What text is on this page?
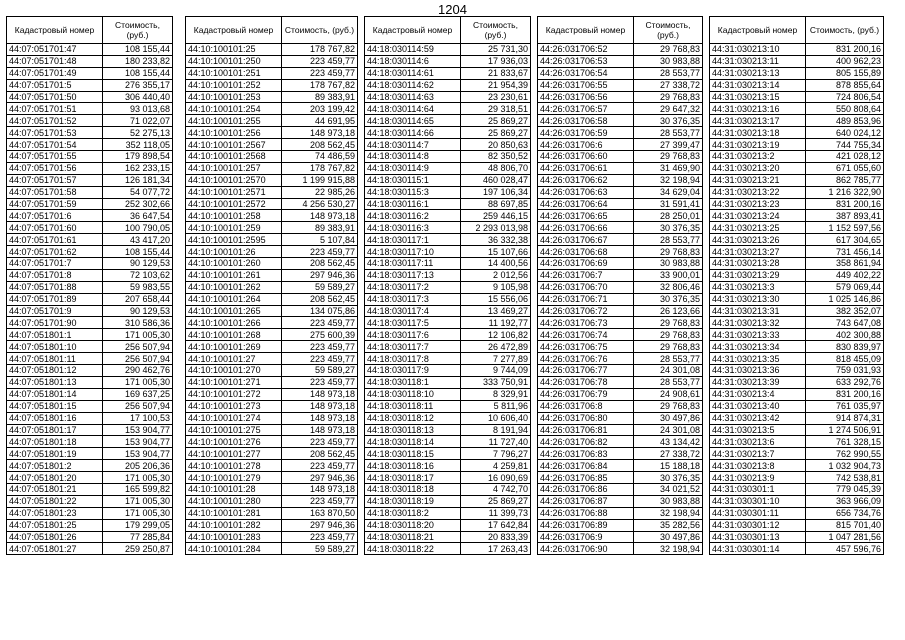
1204
Кадастровый номер	Стоимость, (руб.)
44:07:051701:47	108 155,44
44:07:051701:48	180 233,82
44:07:051701:49	108 155,44
44:07:051701:5	276 355,17
44:07:051701:50	306 440,40
44:07:051701:51	93 013,68
44:07:051701:52	71 022,07
44:07:051701:53	52 275,13
44:07:051701:54	352 118,05
44:07:051701:55	179 898,54
44:07:051701:56	162 233,15
44:07:051701:57	126 181,34
44:07:051701:58	54 077,72
44:07:051701:59	252 302,66
44:07:051701:6	36 647,54
44:07:051701:60	100 790,05
44:07:051701:61	43 417,20
44:07:051701:62	108 155,44
44:07:051701:7	90 129,53
44:07:051701:8	72 103,62
44:07:051701:88	59 983,55
44:07:051701:89	207 658,44
44:07:051701:9	90 129,53
44:07:051701:90	310 586,36
44:07:051801:1	171 005,30
44:07:051801:10	256 507,94
44:07:051801:11	256 507,94
44:07:051801:12	290 462,76
44:07:051801:13	171 005,30
44:07:051801:14	169 637,25
44:07:051801:15	256 507,94
44:07:051801:16	17 100,53
44:07:051801:17	153 904,77
44:07:051801:18	153 904,77
44:07:051801:19	153 904,77
44:07:051801:2	205 206,36
44:07:051801:20	171 005,30
44:07:051801:21	165 599,82
44:07:051801:22	171 005,30
44:07:051801:23	171 005,30
44:07:051801:25	179 299,05
44:07:051801:26	77 285,84
44:07:051801:27	259 250,87
Кадастровый номер	Стоимость, (руб.)
44:10:100101:25	178 767,82
44:10:100101:250	223 459,77
44:10:100101:251	223 459,77
44:10:100101:252	178 767,82
44:10:100101:253	89 383,91
44:10:100101:254	203 199,42
44:10:100101:255	44 691,95
44:10:100101:256	148 973,18
44:10:100101:2567	208 562,45
44:10:100101:2568	74 486,59
44:10:100101:257	178 767,82
44:10:100101:2570	1 199 915,88
44:10:100101:2571	22 985,26
44:10:100101:2572	4 256 530,27
44:10:100101:258	148 973,18
44:10:100101:259	89 383,91
44:10:100101:2595	5 107,84
44:10:100101:26	223 459,77
44:10:100101:260	208 562,45
44:10:100101:261	297 946,36
44:10:100101:262	59 589,27
44:10:100101:264	208 562,45
44:10:100101:265	134 075,86
44:10:100101:266	223 459,77
44:10:100101:268	275 600,39
44:10:100101:269	223 459,77
44:10:100101:27	223 459,77
44:10:100101:270	59 589,27
44:10:100101:271	223 459,77
44:10:100101:272	148 973,18
44:10:100101:273	148 973,18
44:10:100101:274	148 973,18
44:10:100101:275	148 973,18
44:10:100101:276	223 459,77
44:10:100101:277	208 562,45
44:10:100101:278	223 459,77
44:10:100101:279	297 946,36
44:10:100101:28	148 973,18
44:10:100101:280	223 459,77
44:10:100101:281	163 870,50
44:10:100101:282	297 946,36
44:10:100101:283	223 459,77
44:10:100101:284	59 589,27
Кадастровый номер	Стоимость, (руб.)
44:18:030114:59	25 731,30
44:18:030114:6	17 936,03
44:18:030114:61	21 833,67
44:18:030114:62	21 954,39
44:18:030114:63	23 230,61
44:18:030114:64	29 318,51
44:18:030114:65	25 869,27
44:18:030114:66	25 869,27
44:18:030114:7	20 850,63
44:18:030114:8	82 350,52
44:18:030114:9	48 806,70
44:18:030115:1	460 028,47
44:18:030115:3	197 106,34
44:18:030116:1	88 697,85
44:18:030116:2	259 446,15
44:18:030116:3	2 293 013,98
44:18:030117:1	36 332,38
44:18:030117:10	15 107,66
44:18:030117:11	14 400,56
44:18:030117:13	2 012,56
44:18:030117:2	9 105,98
44:18:030117:3	15 556,06
44:18:030117:4	13 469,27
44:18:030117:5	11 192,77
44:18:030117:6	12 106,82
44:18:030117:7	26 472,89
44:18:030117:8	7 277,89
44:18:030117:9	9 744,09
44:18:030118:1	333 750,91
44:18:030118:10	8 329,91
44:18:030118:11	5 811,96
44:18:030118:12	10 606,40
44:18:030118:13	8 191,94
44:18:030118:14	11 727,40
44:18:030118:15	7 796,27
44:18:030118:16	4 259,81
44:18:030118:17	16 090,69
44:18:030118:18	4 742,70
44:18:030118:19	25 869,27
44:18:030118:2	11 399,73
44:18:030118:20	17 642,84
44:18:030118:21	20 833,39
44:18:030118:22	17 263,43
Кадастровый номер	Стоимость, (руб.)
44:26:031706:52	29 768,83
44:26:031706:53	30 983,88
44:26:031706:54	28 553,77
44:26:031706:55	27 338,72
44:26:031706:56	29 768,83
44:26:031706:57	29 647,32
44:26:031706:58	30 376,35
44:26:031706:59	28 553,77
44:26:031706:6	27 399,47
44:26:031706:60	29 768,83
44:26:031706:61	31 469,90
44:26:031706:62	32 198,94
44:26:031706:63	34 629,04
44:26:031706:64	31 591,41
44:26:031706:65	28 250,01
44:26:031706:66	30 376,35
44:26:031706:67	28 553,77
44:26:031706:68	29 768,83
44:26:031706:69	30 983,88
44:26:031706:7	33 900,01
44:26:031706:70	32 806,46
44:26:031706:71	30 376,35
44:26:031706:72	26 123,66
44:26:031706:73	29 768,83
44:26:031706:74	29 768,83
44:26:031706:75	29 768,83
44:26:031706:76	28 553,77
44:26:031706:77	24 301,08
44:26:031706:78	28 553,77
44:26:031706:79	24 908,61
44:26:031706:8	29 768,83
44:26:031706:80	30 497,86
44:26:031706:81	24 301,08
44:26:031706:82	43 134,42
44:26:031706:83	27 338,72
44:26:031706:84	15 188,18
44:26:031706:85	30 376,35
44:26:031706:86	34 021,52
44:26:031706:87	30 983,88
44:26:031706:88	32 198,94
44:26:031706:89	35 282,56
44:26:031706:9	30 497,86
44:26:031706:90	32 198,94
Кадастровый номер	Стоимость, (руб.)
44:31:030213:10	831 200,16
44:31:030213:11	400 962,23
44:31:030213:13	805 155,89
44:31:030213:14	878 855,64
44:31:030213:15	724 806,54
44:31:030213:16	550 808,64
44:31:030213:17	489 853,96
44:31:030213:18	640 024,12
44:31:030213:19	744 755,34
44:31:030213:2	421 028,12
44:31:030213:20	671 055,60
44:31:030213:21	862 785,77
44:31:030213:22	1 216 322,90
44:31:030213:23	831 200,16
44:31:030213:24	387 893,41
44:31:030213:25	1 152 597,56
44:31:030213:26	617 304,65
44:31:030213:27	731 456,14
44:31:030213:28	358 861,94
44:31:030213:29	449 402,22
44:31:030213:3	579 069,44
44:31:030213:30	1 025 146,86
44:31:030213:31	382 352,07
44:31:030213:32	743 647,08
44:31:030213:33	402 300,88
44:31:030213:34	830 839,97
44:31:030213:35	818 455,09
44:31:030213:36	759 031,93
44:31:030213:39	633 292,76
44:31:030213:4	831 200,16
44:31:030213:40	761 035,97
44:31:030213:42	914 874,31
44:31:030213:5	1 274 506,91
44:31:030213:6	761 328,15
44:31:030213:7	762 990,55
44:31:030213:8	1 032 904,73
44:31:030213:9	742 538,81
44:31:030301:1	779 045,39
44:31:030301:10	363 966,09
44:31:030301:11	656 734,76
44:31:030301:12	815 701,40
44:31:030301:13	1 047 281,56
44:31:030301:14	457 596,76
